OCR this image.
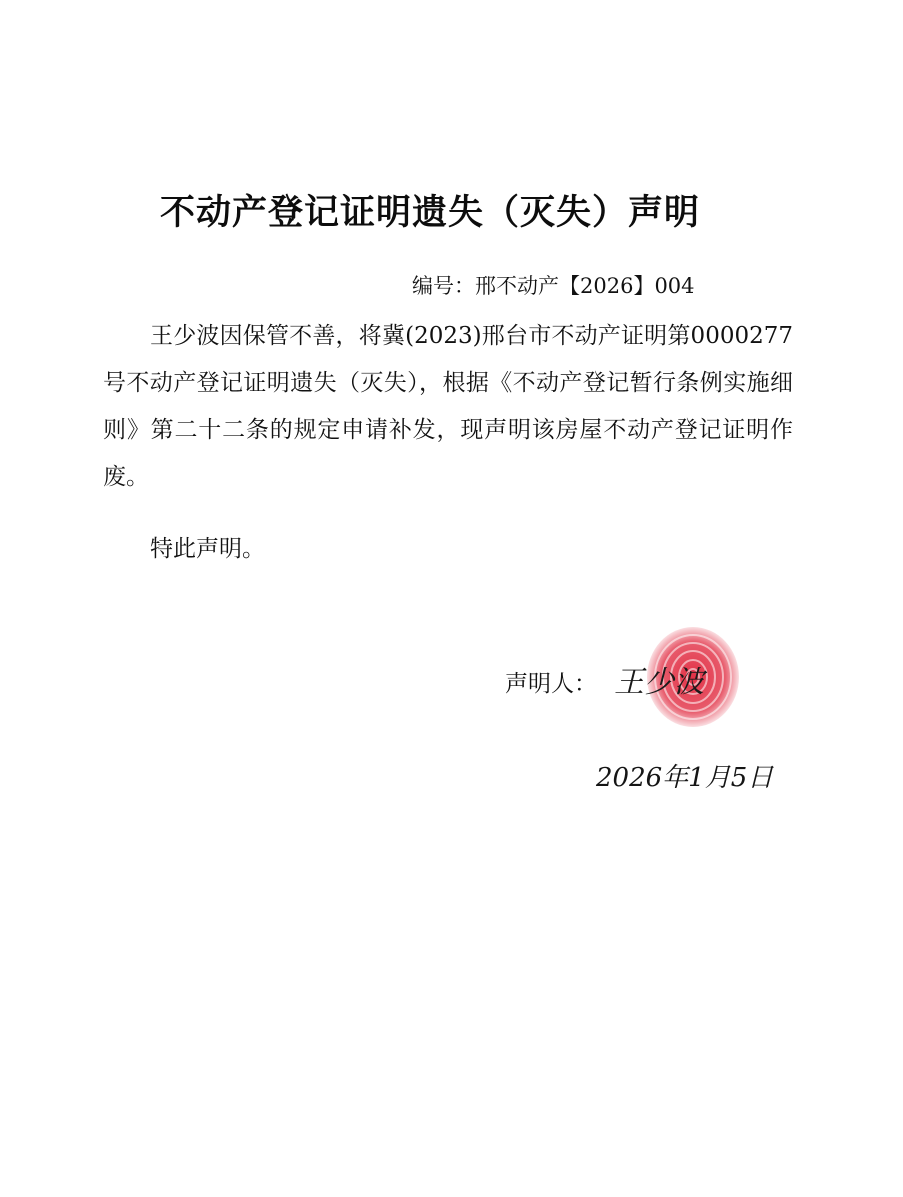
不动产登记证明遗失（灭失）声明
编号：邢不动产【2026】004
王少波因保管不善，将冀(2023)邢台市不动产证明第0000277号不动产登记证明遗失（灭失），根据《不动产登记暂行条例实施细则》第二十二条的规定申请补发，现声明该房屋不动产登记证明作废。
特此声明。
声明人： 王少波
2026年1月5日
